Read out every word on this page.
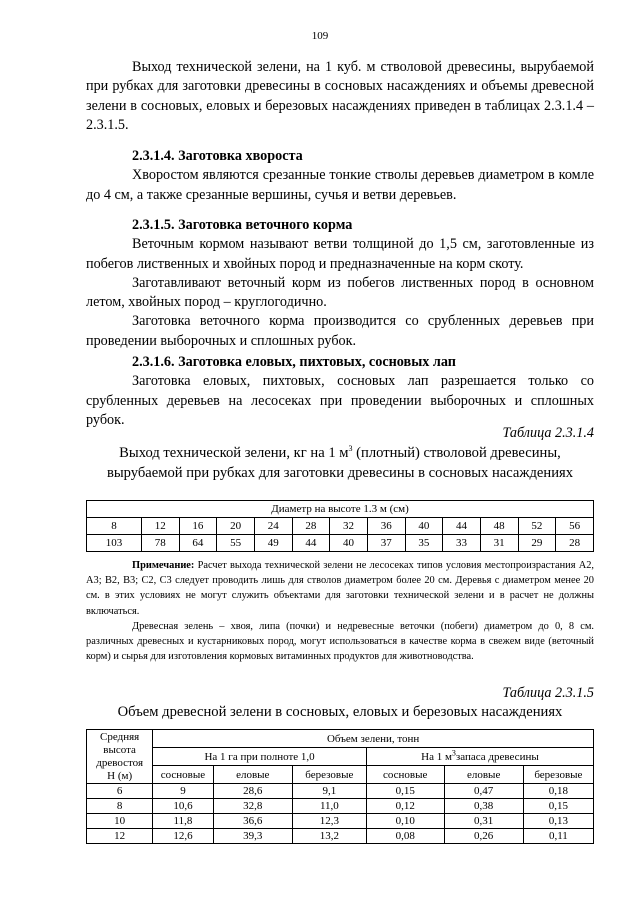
109

Выход технической зелени, на 1 куб. м стволовой древесины, вырубаемой при рубках для заготовки древесины в сосновых насаждениях и объемы древесной зелени в сосновых, еловых и березовых насаждениях приведен в таблицах 2.3.1.4 – 2.3.1.5.

2.3.1.4. Заготовка хвороста

Хворостом являются срезанные тонкие стволы деревьев диаметром в комле до 4 см, а также срезанные вершины, сучья и ветви деревьев.

2.3.1.5. Заготовка веточного корма

Веточным кормом называют ветви толщиной до 1,5 см, заготовленные из побегов лиственных и хвойных пород и предназначенные на корм скоту.

Заготавливают веточный корм из побегов лиственных пород в основном летом, хвойных пород – круглогодично.

Заготовка веточного корма производится со срубленных деревьев при проведении выборочных и сплошных рубок.

2.3.1.6. Заготовка еловых, пихтовых, сосновых лап

Заготовка еловых, пихтовых, сосновых лап разрешается только со срубленных деревьев на лесосеках при проведении выборочных и сплошных рубок.

Таблица 2.3.1.4
Выход технической зелени, кг на 1 $м^3$ (плотный) стволовой древесины,
вырубаемой при рубках для заготовки древесины в сосновых насаждениях

Диаметр на высоте 1.3 м (см)												
8	12	16	20	24	28	32	36	40	44	48	52	56
103	78	64	55	49	44	40	37	35	33	31	29	28

Примечание: Расчет выхода технической зелени не лесосеках типов условия местопроизрастания А2, А3; В2, В3; С2, С3 следует проводить лишь для стволов диаметром более 20 см. Деревья с диаметром менее 20 см. в этих условиях не могут служить объектами для заготовки технической зелени и в расчет не должны включаться.

Древесная зелень – хвоя, липа (почки) и недревесные веточки (побеги) диаметром до 0, 8 см. различных древесных и кустарниковых пород, могут использоваться в качестве корма в свежем виде (веточный корм) и сырья для изготовления кормовых витаминных продуктов для животноводства.

Таблица 2.3.1.5
Объем древесной зелени в сосновых, еловых и березовых насаждениях
Средняя
высота
древостоя
Н (м)	Объем зелени, тонн					
	На 1 га при полноте 1,0			На 1 $м^3запаса$ древесины		
	сосновые	еловые	березовые	сосновые	еловые	березовые
6	9	28,6	9,1	0,15	0,47	0,18
8	10,6	32,8	11,0	0,12	0,38	0,15
10	11,8	36,6	12,3	0,10	0,31	0,13
12	12,6	39,3	13,2	0,08	0,26	0,11
